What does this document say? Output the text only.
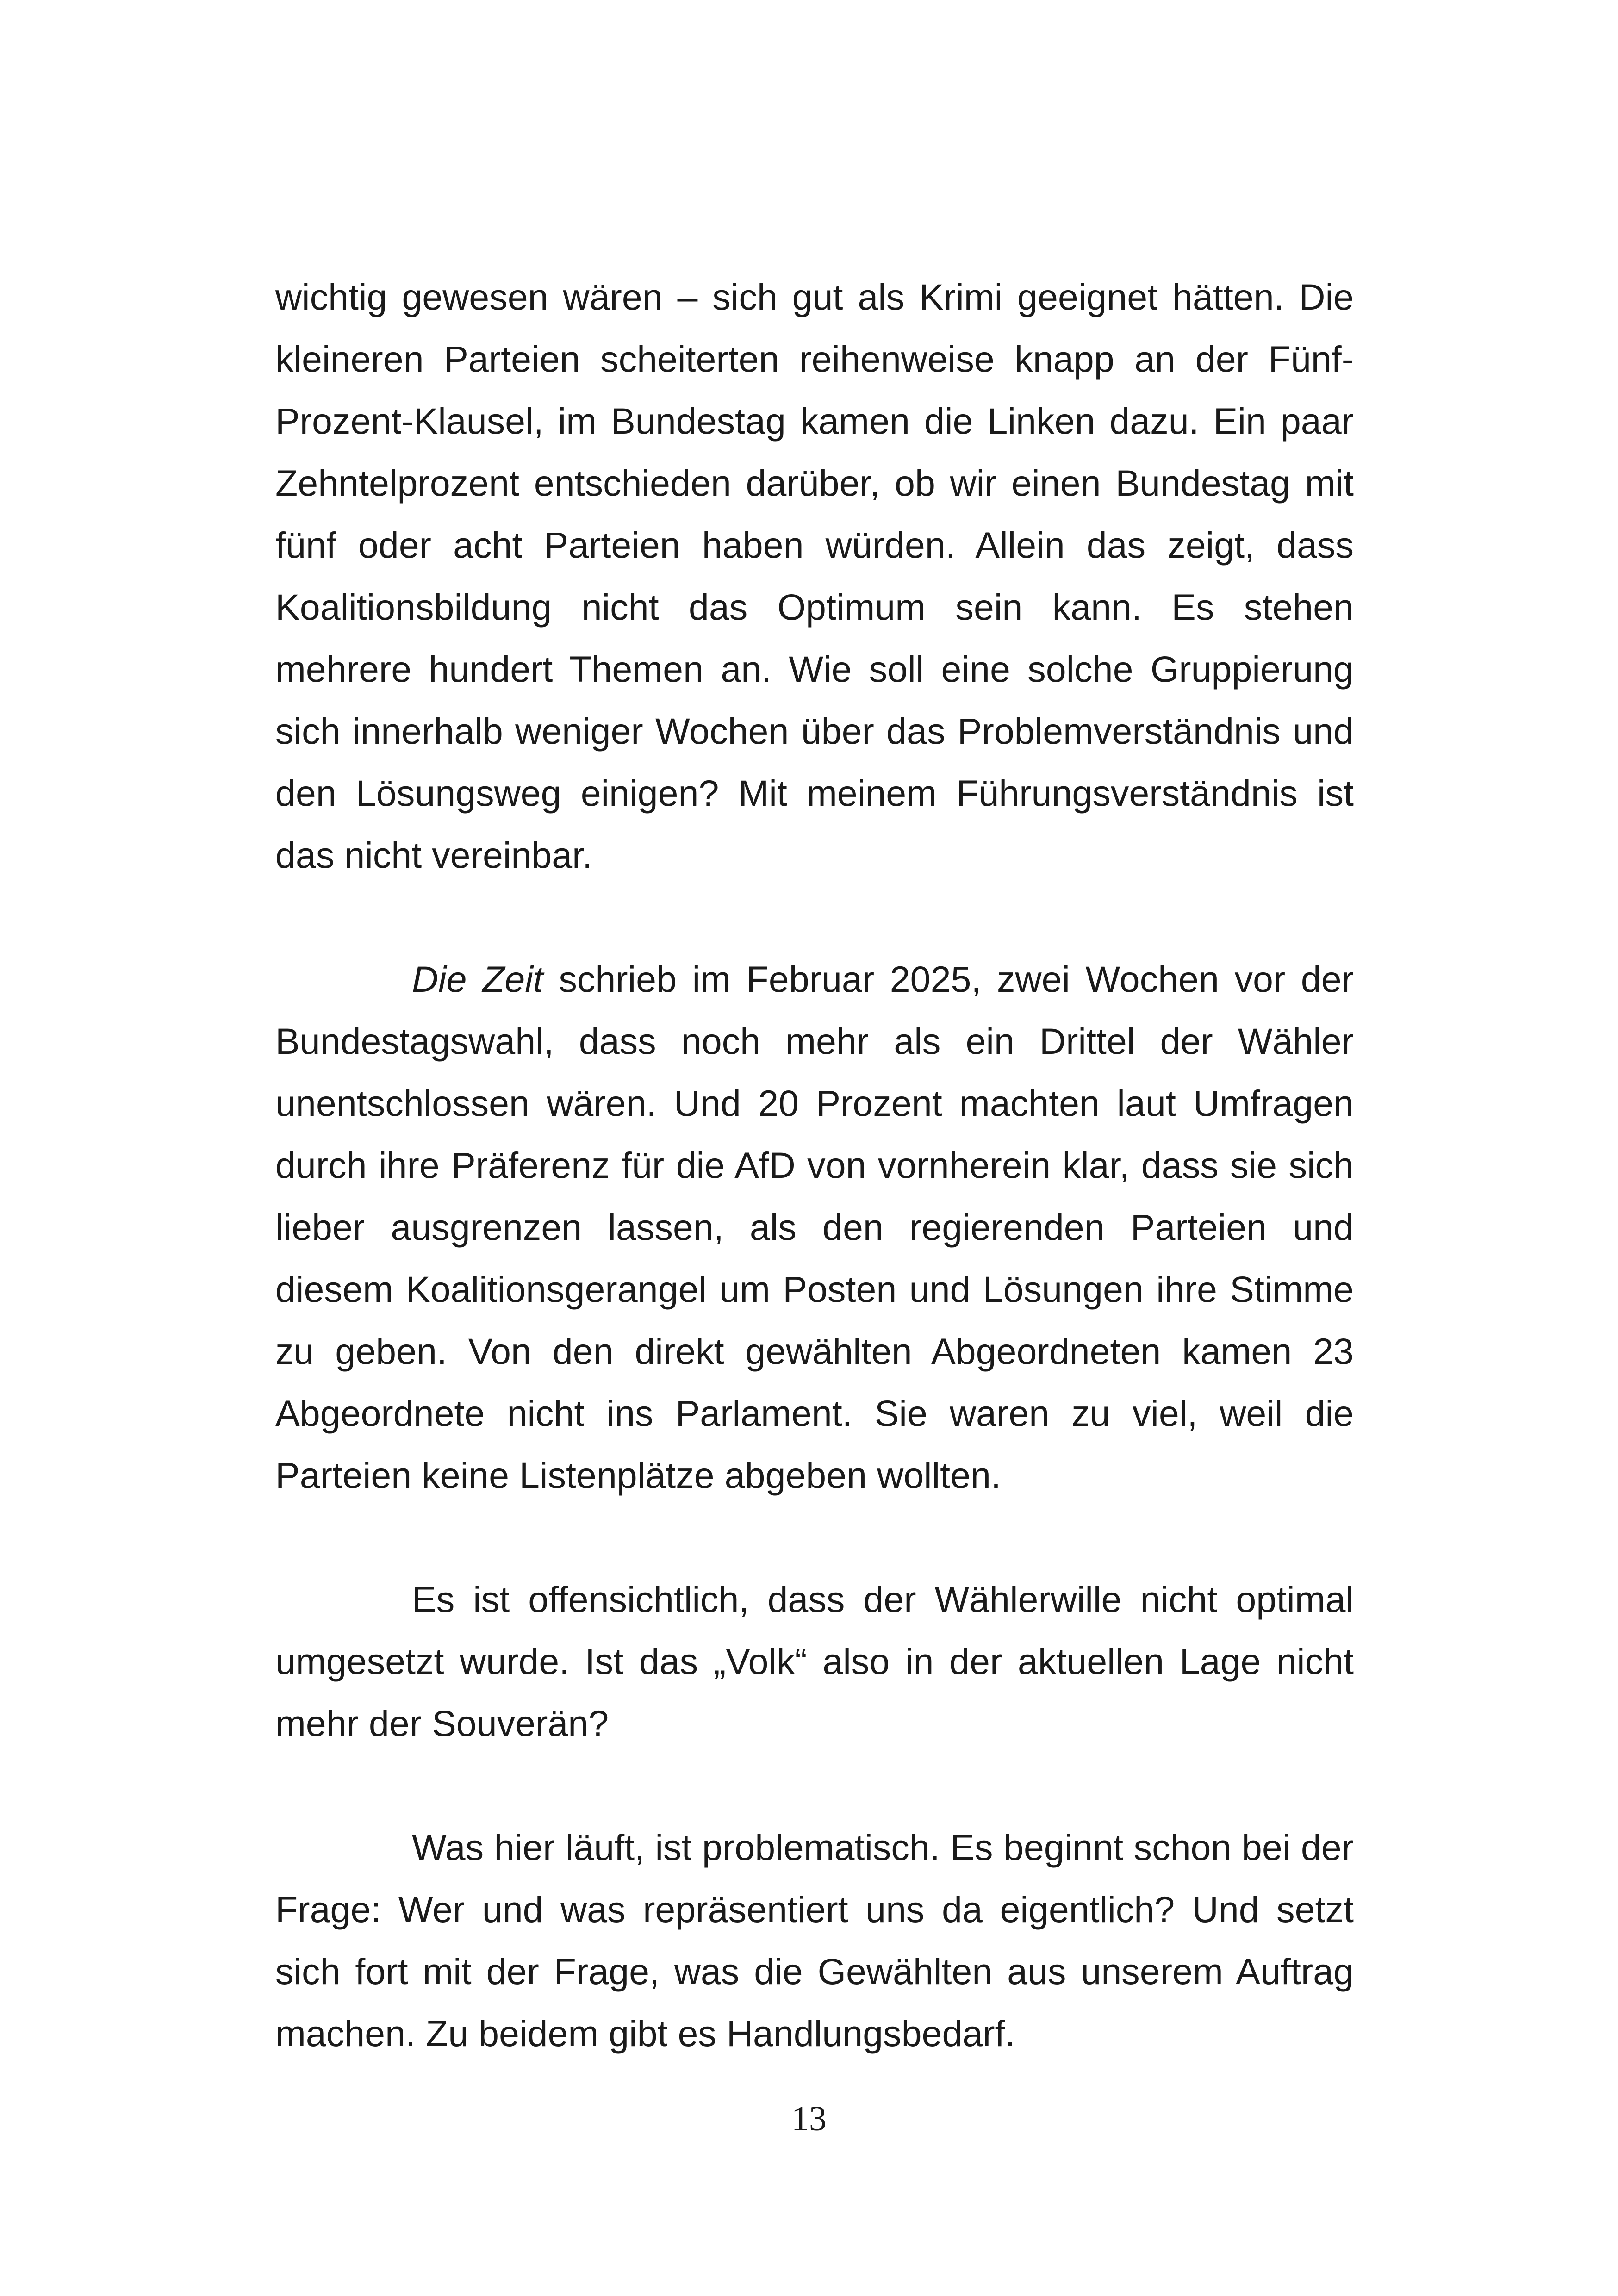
wichtig gewesen wären – sich gut als Krimi geeignet hätten. Die kleineren Parteien scheiterten reihenweise knapp an der Fünf-Prozent-Klausel, im Bundestag kamen die Linken dazu. Ein paar Zehntelprozent entschieden darüber, ob wir einen Bundestag mit fünf oder acht Parteien haben würden. Allein das zeigt, dass Koalitionsbildung nicht das Optimum sein kann. Es stehen mehrere hundert Themen an. Wie soll eine solche Gruppierung sich innerhalb weniger Wochen über das Problemverständnis und den Lösungsweg einigen? Mit meinem Führungsverständnis ist das nicht vereinbar.

Die Zeit schrieb im Februar 2025, zwei Wochen vor der Bundestagswahl, dass noch mehr als ein Drittel der Wähler unentschlossen wären. Und 20 Prozent machten laut Umfragen durch ihre Präferenz für die AfD von vornherein klar, dass sie sich lieber ausgrenzen lassen, als den regierenden Parteien und diesem Koalitionsgerangel um Posten und Lösungen ihre Stimme zu geben. Von den direkt gewählten Abgeordneten kamen 23 Abgeordnete nicht ins Parlament. Sie waren zu viel, weil die Parteien keine Listenplätze abgeben wollten.

Es ist offensichtlich, dass der Wählerwille nicht optimal umgesetzt wurde. Ist das „Volk“ also in der aktuellen Lage nicht mehr der Souverän?

Was hier läuft, ist problematisch. Es beginnt schon bei der Frage: Wer und was repräsentiert uns da eigentlich? Und setzt sich fort mit der Frage, was die Gewählten aus unserem Auftrag machen. Zu beidem gibt es Handlungsbedarf.

13
